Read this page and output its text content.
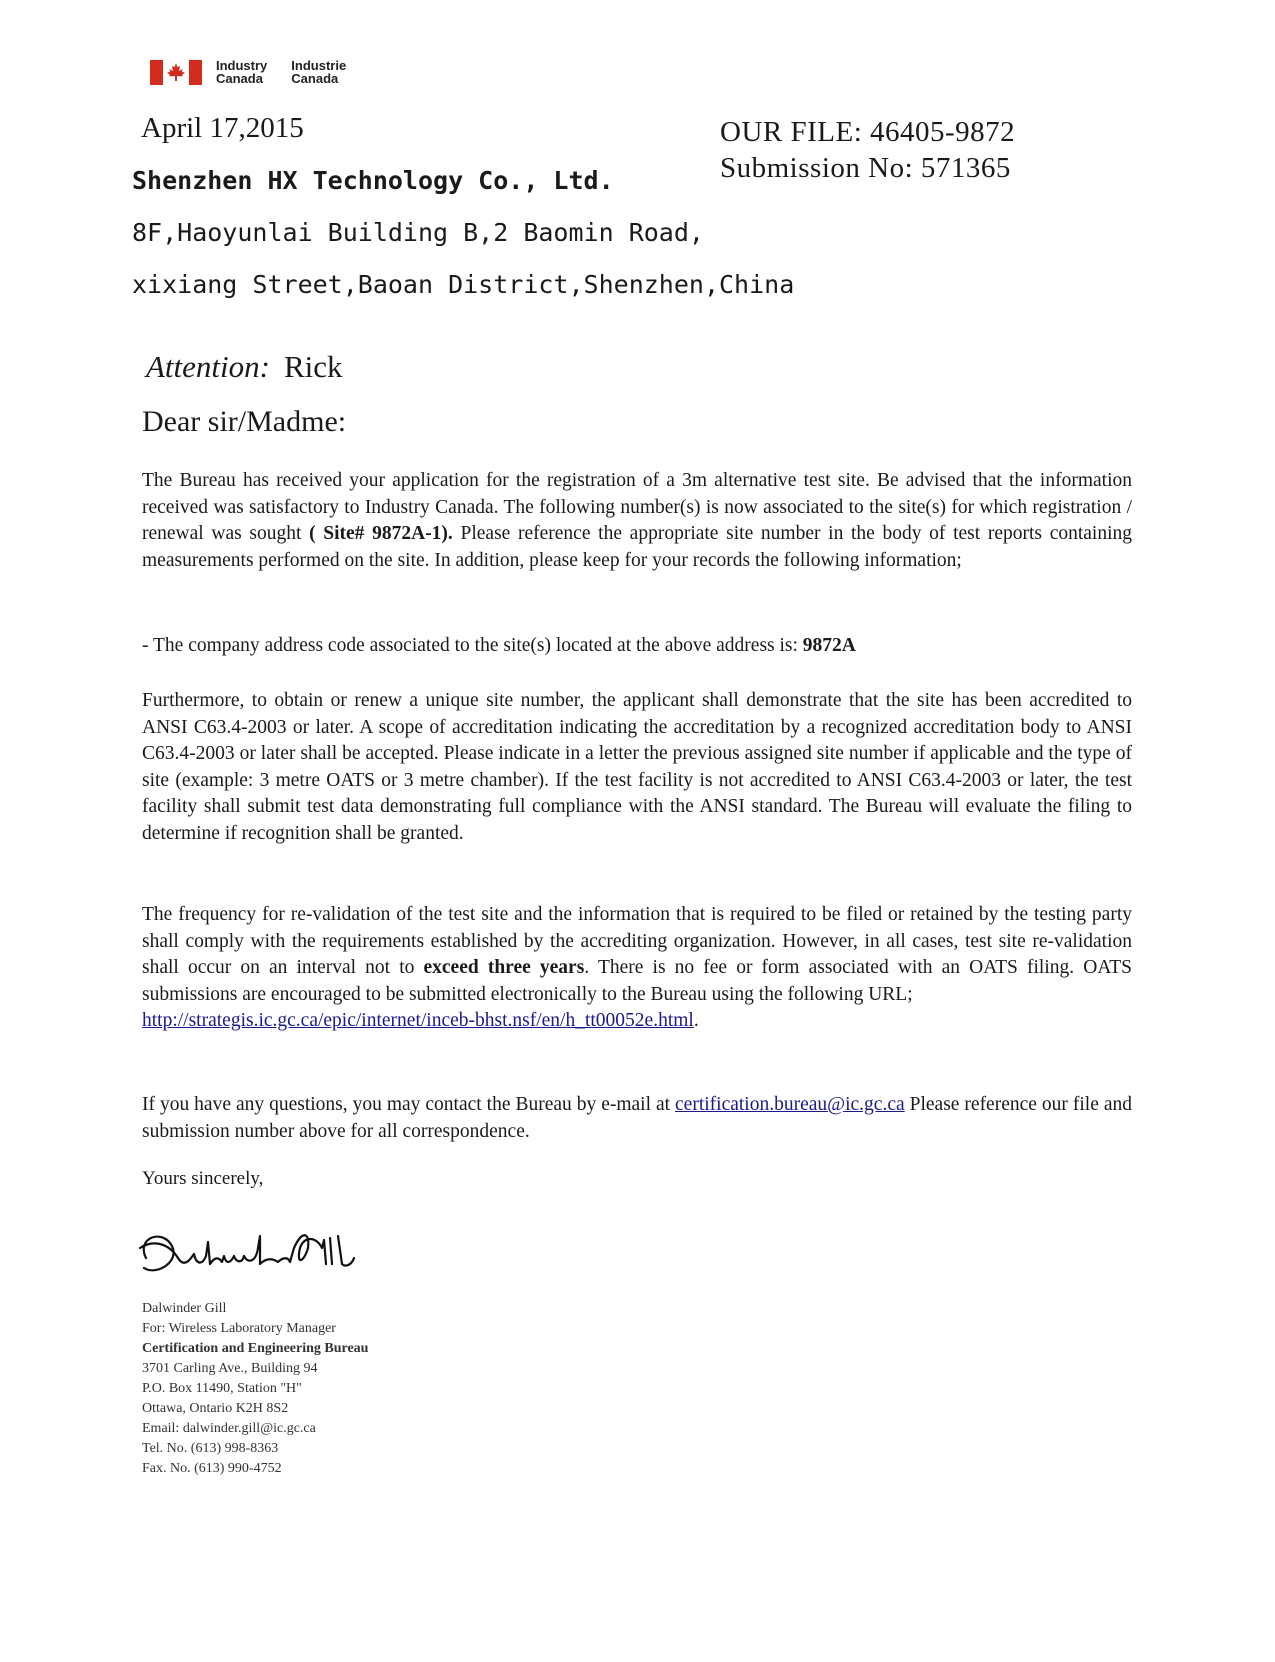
Industry
Canada
Industrie
Canada
April 17,2015	OUR FILE: 46405-9872
Submission No: 571365
Shenzhen HX Technology Co., Ltd.
8F,Haoyunlai Building B,2 Baomin Road,
xixiang Street,Baoan District,Shenzhen,China
Attention: Rick
Dear sir/Madme:
The Bureau has received your application for the registration of a 3m alternative test site. Be advised that the information received was satisfactory to Industry Canada. The following number(s) is now associated to the site(s) for which registration / renewal was sought ( Site# 9872A-1). Please reference the appropriate site number in the body of test reports containing measurements performed on the site. In addition, please keep for your records the following information;
- The company address code associated to the site(s) located at the above address is: 9872A
Furthermore, to obtain or renew a unique site number, the applicant shall demonstrate that the site has been accredited to ANSI C63.4-2003 or later. A scope of accreditation indicating the accreditation by a recognized accreditation body to ANSI C63.4-2003 or later shall be accepted. Please indicate in a letter the previous assigned site number if applicable and the type of site (example: 3 metre OATS or 3 metre chamber). If the test facility is not accredited to ANSI C63.4-2003 or later, the test facility shall submit test data demonstrating full compliance with the ANSI standard. The Bureau will evaluate the filing to determine if recognition shall be granted.
The frequency for re-validation of the test site and the information that is required to be filed or retained by the testing party shall comply with the requirements established by the accrediting organization. However, in all cases, test site re-validation shall occur on an interval not to exceed three years. There is no fee or form associated with an OATS filing. OATS submissions are encouraged to be submitted electronically to the Bureau using the following URL;
http://strategis.ic.gc.ca/epic/internet/inceb-bhst.nsf/en/h_tt00052e.html.
If you have any questions, you may contact the Bureau by e-mail at certification.bureau@ic.gc.ca Please reference our file and submission number above for all correspondence.
Yours sincerely,
Dalwinder Gill
For: Wireless Laboratory Manager
Certification and Engineering Bureau
3701 Carling Ave., Building 94
P.O. Box 11490, Station "H"
Ottawa, Ontario K2H 8S2
Email: dalwinder.gill@ic.gc.ca
Tel. No. (613) 998-8363
Fax. No. (613) 990-4752
